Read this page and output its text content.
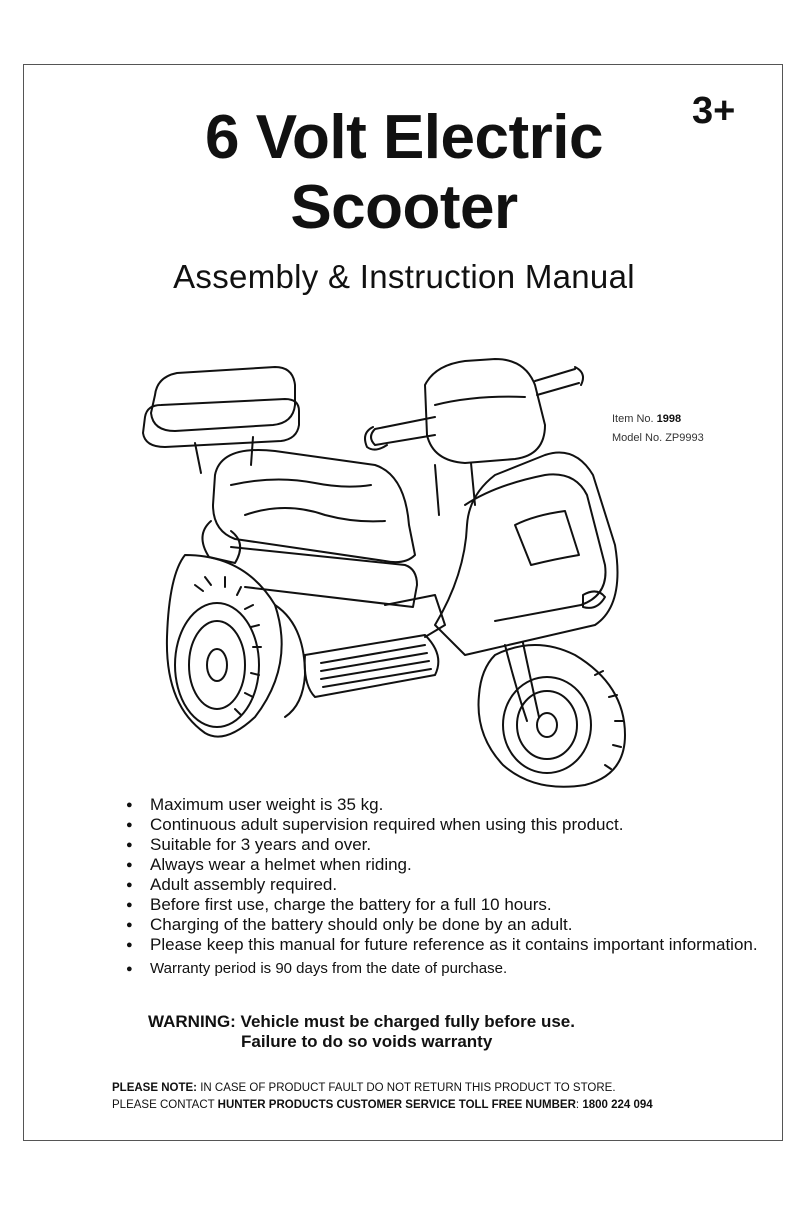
3+
6 Volt Electric
Scooter
Assembly & Instruction Manual
Item No. 1998
Model No. ZP9993
● Maximum user weight is 35 kg.
● Continuous adult supervision required when using this product.
● Suitable for 3 years and over.
● Always wear a helmet when riding.
● Adult assembly required.
● Before first use, charge the battery for a full 10 hours.
● Charging of the battery should only be done by an adult.
● Please keep this manual for future reference as it contains important information.
● Warranty period is 90 days from the date of purchase.
WARNING: Vehicle must be charged fully before use.
Failure to do so voids warranty
PLEASE NOTE: IN CASE OF PRODUCT FAULT DO NOT RETURN THIS PRODUCT TO STORE.
PLEASE CONTACT HUNTER PRODUCTS CUSTOMER SERVICE TOLL FREE NUMBER: 1800 224 094
